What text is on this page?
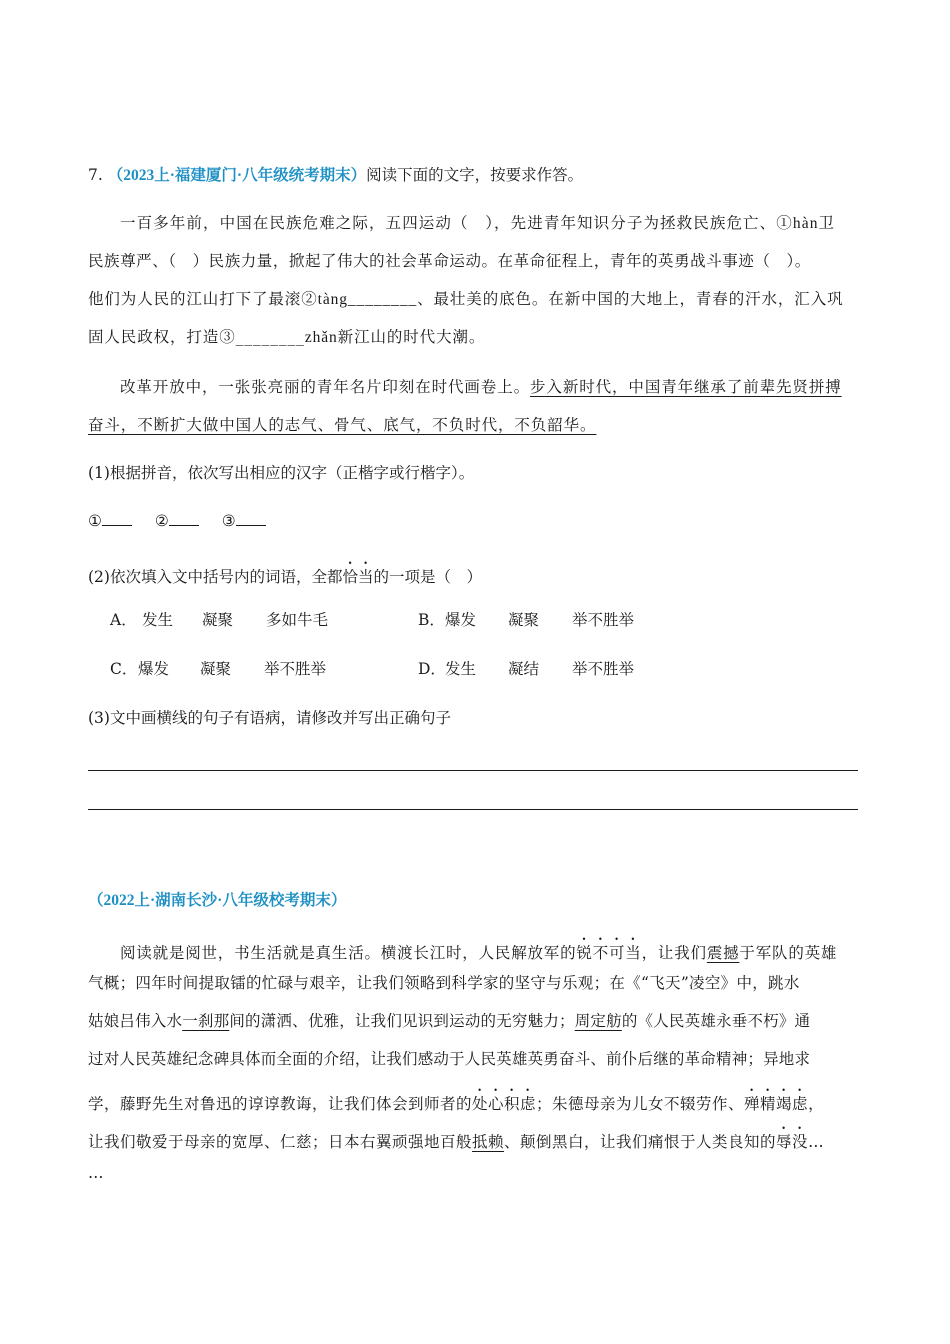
7. （2023上·福建厦门·八年级统考期末）阅读下面的文字，按要求作答。
一百多年前，中国在民族危难之际，五四运动（　），先进青年知识分子为拯救民族危亡、①hàn卫
民族尊严、（　）民族力量，掀起了伟大的社会革命运动。在革命征程上，青年的英勇战斗事迹（　）。
他们为人民的江山打下了最滚②tàng________、最壮美的底色。在新中国的大地上，青春的汗水，汇入巩
固人民政权，打造③________zhǎn新江山的时代大潮。
改革开放中，一张张亮丽的青年名片印刻在时代画卷上。步入新时代，中国青年继承了前辈先贤拼搏
奋斗，不断扩大做中国人的志气、骨气、底气，不负时代，不负韶华。
(1)根据拼音，依次写出相应的汉字（正楷字或行楷字）。
①	②	③
(2)依次填入文中括号内的词语，全都恰当的一项是（　）
A． 发生 凝聚 多如牛毛	B．爆发 凝聚 举不胜举
C．爆发 凝聚 举不胜举	D．发生 凝结 举不胜举
(3)文中画横线的句子有语病，请修改并写出正确句子
（2022上·湖南长沙·八年级校考期末）
阅读就是阅世，书生活就是真生活。横渡长江时，人民解放军的锐不可当，让我们震撼于军队的英雄
气概；四年时间提取镭的忙碌与艰辛，让我们领略到科学家的坚守与乐观；在《“飞天”凌空》中，跳水
姑娘吕伟入水一刹那间的潇洒、优雅，让我们见识到运动的无穷魅力；周定舫的《人民英雄永垂不朽》通
过对人民英雄纪念碑具体而全面的介绍，让我们感动于人民英雄英勇奋斗、前仆后继的革命精神；异地求
学，藤野先生对鲁迅的谆谆教诲，让我们体会到师者的处心积虑；朱德母亲为儿女不辍劳作、殚精竭虑，
让我们敬爱于母亲的宽厚、仁慈；日本右翼顽强地百般抵赖、颠倒黑白，让我们痛恨于人类良知的辱没…
…
